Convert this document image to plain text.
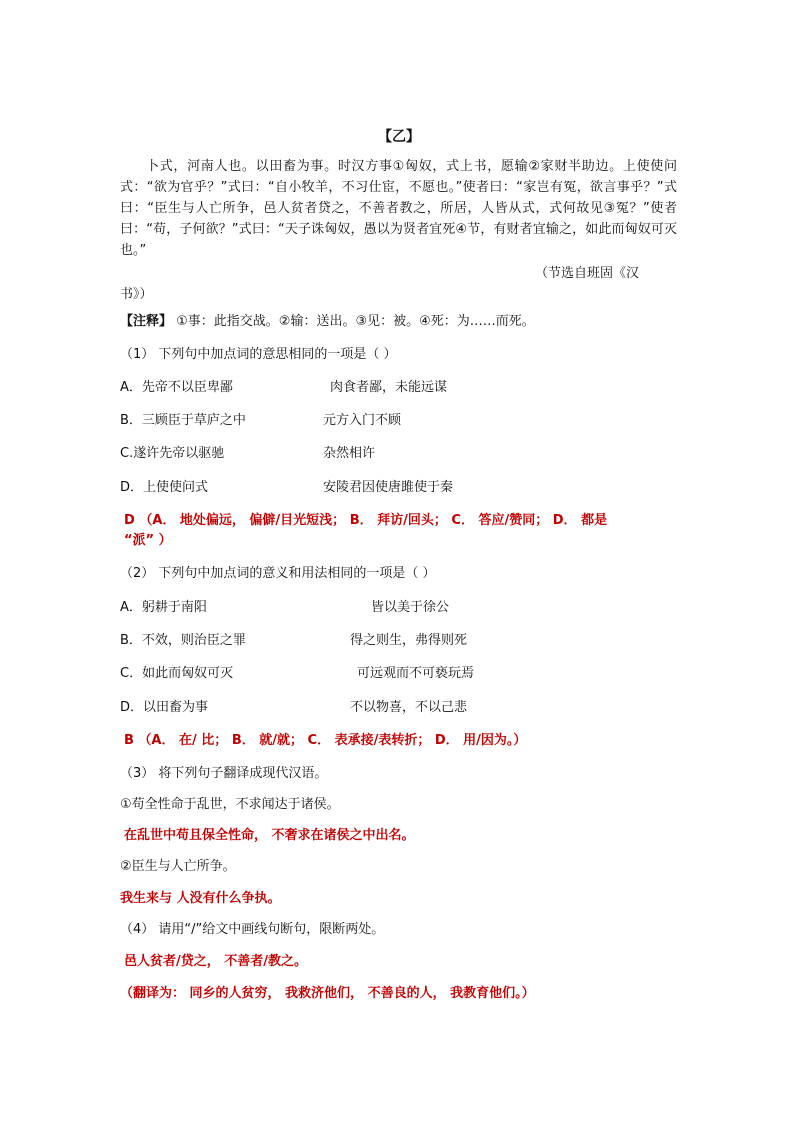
【乙】
卜式，河南人也。以田畜为事。时汉方事①匈奴，式上书，愿输②家财半助边。上使使问式：“欲为官乎？”式曰：“自小牧羊，不习仕宦，不愿也。”使者曰：“家岂有冤，欲言事乎？”式曰：“臣生与人亡所争，邑人贫者贷之，不善者教之，所居，人皆从式，式何故见③冤？”使者曰：“苟，子何欲？”式曰：“天子诛匈奴，愚以为贤者宜死④节，有财者宜输之，如此而匈奴可灭也。”
（节选自班固《汉
书》）
【注释】 ①事：此指交战。②输：送出。③见：被。④死：为……而死。
（1） 下列句中加点词的意思相同的一项是（ ）
A．先帝不以臣卑鄙	肉食者鄙，未能远谋
B．三顾臣于草庐之中	元方入门不顾
C.遂许先帝以驱驰	杂然相许
D．上使使问式	安陵君因使唐雎使于秦
D （A． 地处偏远， 偏僻/目光短浅； B． 拜访/回头； C． 答应/赞同； D． 都是
“派” ）
（2） 下列句中加点词的意义和用法相同的一项是（ ）
A．躬耕于南阳	皆以美于徐公
B．不效，则治臣之罪	得之则生，弗得则死
C．如此而匈奴可灭	可远观而不可亵玩焉
D．以田畜为事	不以物喜，不以己悲
B （A． 在/ 比； B． 就/就； C． 表承接/表转折； D． 用/因为。）
（3） 将下列句子翻译成现代汉语。
①苟全性命于乱世，不求闻达于诸侯。
在乱世中苟且保全性命， 不奢求在诸侯之中出名。
②臣生与人亡所争。
我生来与 人没有什么争执。
（4） 请用“/”给文中画线句断句，限断两处。
邑人贫者/贷之， 不善者/教之。
（翻译为： 同乡的人贫穷， 我救济他们， 不善良的人， 我教育他们。）
